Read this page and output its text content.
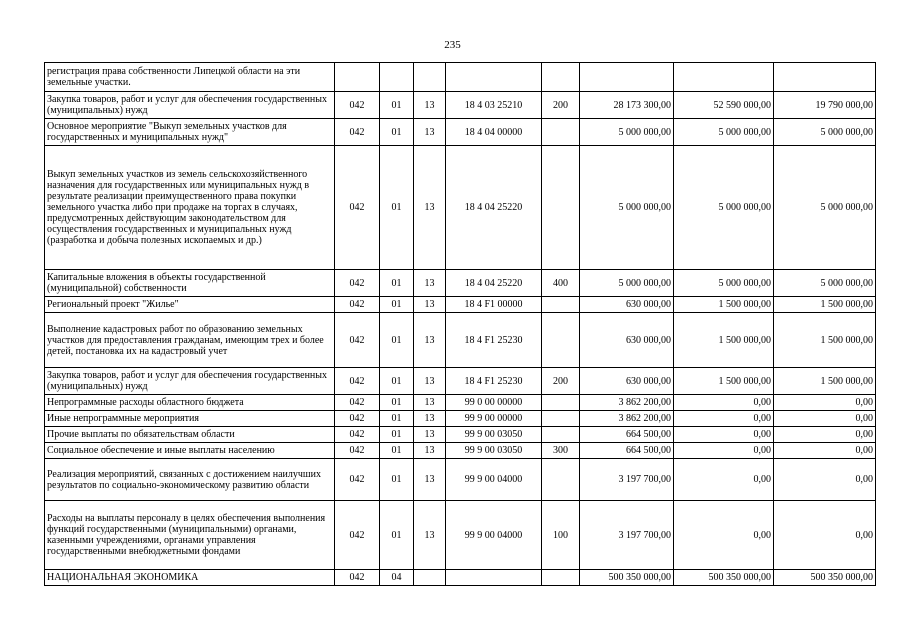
235
регистрация права собственности Липецкой области на эти земельные участки.								
Закупка товаров, работ и услуг для обеспечения государственных (муниципальных) нужд	042	01	13	18 4 03 25210	200	28 173 300,00	52 590 000,00	19 790 000,00
Основное мероприятие "Выкуп земельных участков для государственных и муниципальных нужд"	042	01	13	18 4 04 00000		5 000 000,00	5 000 000,00	5 000 000,00
Выкуп земельных участков из земель сельскохозяйственного назначения для государственных или муниципальных нужд в результате реализации преимущественного права покупки земельного участка либо при продаже на торгах в случаях, предусмотренных действующим законодательством для осуществления государственных и муниципальных нужд (разработка и добыча полезных ископаемых и др.)	042	01	13	18 4 04 25220		5 000 000,00	5 000 000,00	5 000 000,00
Капитальные вложения в объекты государственной (муниципальной) собственности	042	01	13	18 4 04 25220	400	5 000 000,00	5 000 000,00	5 000 000,00
Региональный проект "Жилье"	042	01	13	18 4 F1 00000		630 000,00	1 500 000,00	1 500 000,00
Выполнение кадастровых работ по образованию земельных участков для предоставления гражданам, имеющим трех и более детей, постановка их на кадастровый учет	042	01	13	18 4 F1 25230		630 000,00	1 500 000,00	1 500 000,00
Закупка товаров, работ и услуг для обеспечения государственных (муниципальных) нужд	042	01	13	18 4 F1 25230	200	630 000,00	1 500 000,00	1 500 000,00
Непрограммные расходы областного бюджета	042	01	13	99 0 00 00000		3 862 200,00	0,00	0,00
Иные непрограммные мероприятия	042	01	13	99 9 00 00000		3 862 200,00	0,00	0,00
Прочие выплаты по обязательствам области	042	01	13	99 9 00 03050		664 500,00	0,00	0,00
Социальное обеспечение и иные выплаты населению	042	01	13	99 9 00 03050	300	664 500,00	0,00	0,00
Реализация мероприятий, связанных с достижением наилучших результатов по социально-экономическому развитию области	042	01	13	99 9 00 04000		3 197 700,00	0,00	0,00
Расходы на выплаты персоналу в целях обеспечения выполнения функций государственными (муниципальными) органами, казенными учреждениями, органами управления государственными внебюджетными фондами	042	01	13	99 9 00 04000	100	3 197 700,00	0,00	0,00
НАЦИОНАЛЬНАЯ ЭКОНОМИКА	042	04				500 350 000,00	500 350 000,00	500 350 000,00
